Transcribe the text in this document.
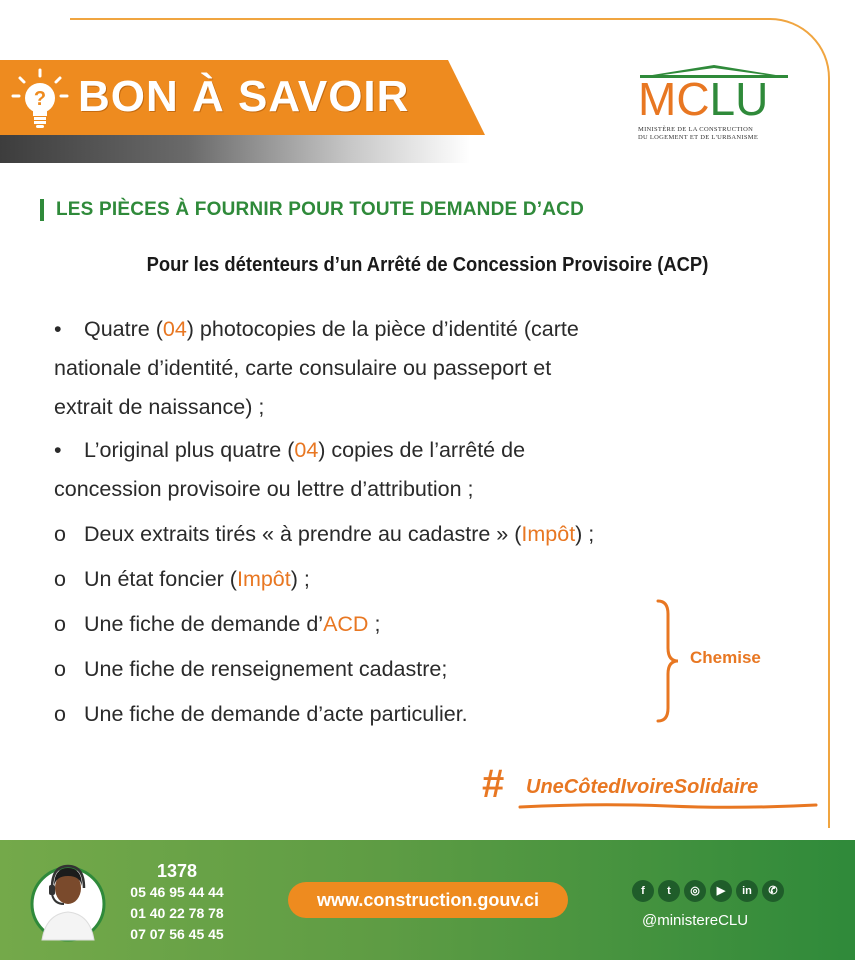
? BON À SAVOIR	MCLU
MINISTÈRE DE LA CONSTRUCTION
DU LOGEMENT ET DE L'URBANISME
LES PIÈCES À FOURNIR POUR TOUTE DEMANDE D’ACD
Pour les détenteurs d’un Arrêté de Concession Provisoire (ACP)
• Quatre (04) photocopies de la pièce d’identité (carte
nationale d’identité, carte consulaire ou passeport et
extrait de naissance) ;
• L’original plus quatre (04) copies de l’arrêté de
concession provisoire ou lettre d’attribution ;
o Deux extraits tirés « à prendre au cadastre » (Impôt) ;
o Un état foncier (Impôt) ;
o Une fiche de demande d’ACD ;
o Une fiche de renseignement cadastre;
o Une fiche de demande d’acte particulier.
Chemise
# UneCôtedIvoireSolidaire
1378
05 46 95 44 44
01 40 22 78 78
07 07 56 45 45
www.construction.gouv.ci	f	t	◎	▶	in	✆
@ministereCLU
